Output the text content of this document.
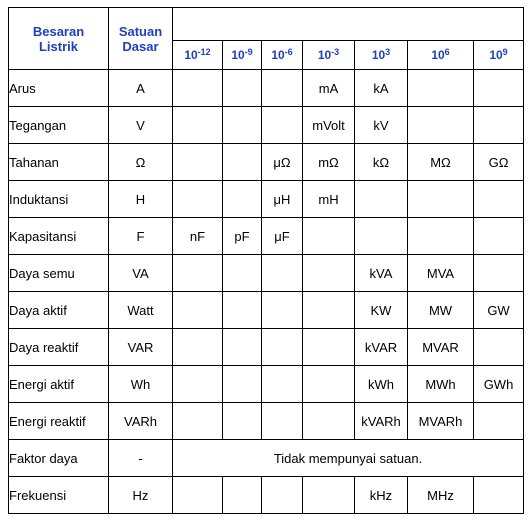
Besaran
Listrik	Satuan
Dasar							
		$10^{-12}$	$10^{-9}$	$10^{-6}$	$10^{-3}$	$10^3$	$10^6$	$10^9$
Arus	A				mA	kA		
Tegangan	V				mVolt	kV		
Tahanan	Ω			μΩ	mΩ	kΩ	MΩ	GΩ
Induktansi	H			μH	mH			
Kapasitansi	F	nF	pF	μF				
Daya semu	VA					kVA	MVA	
Daya aktif	Watt					KW	MW	GW
Daya reaktif	VAR					kVAR	MVAR	
Energi aktif	Wh					kWh	MWh	GWh
Energi reaktif	VARh					kVARh	MVARh	
Faktor daya	-	Tidak mempunyai satuan.						
Frekuensi	Hz					kHz	MHz	
